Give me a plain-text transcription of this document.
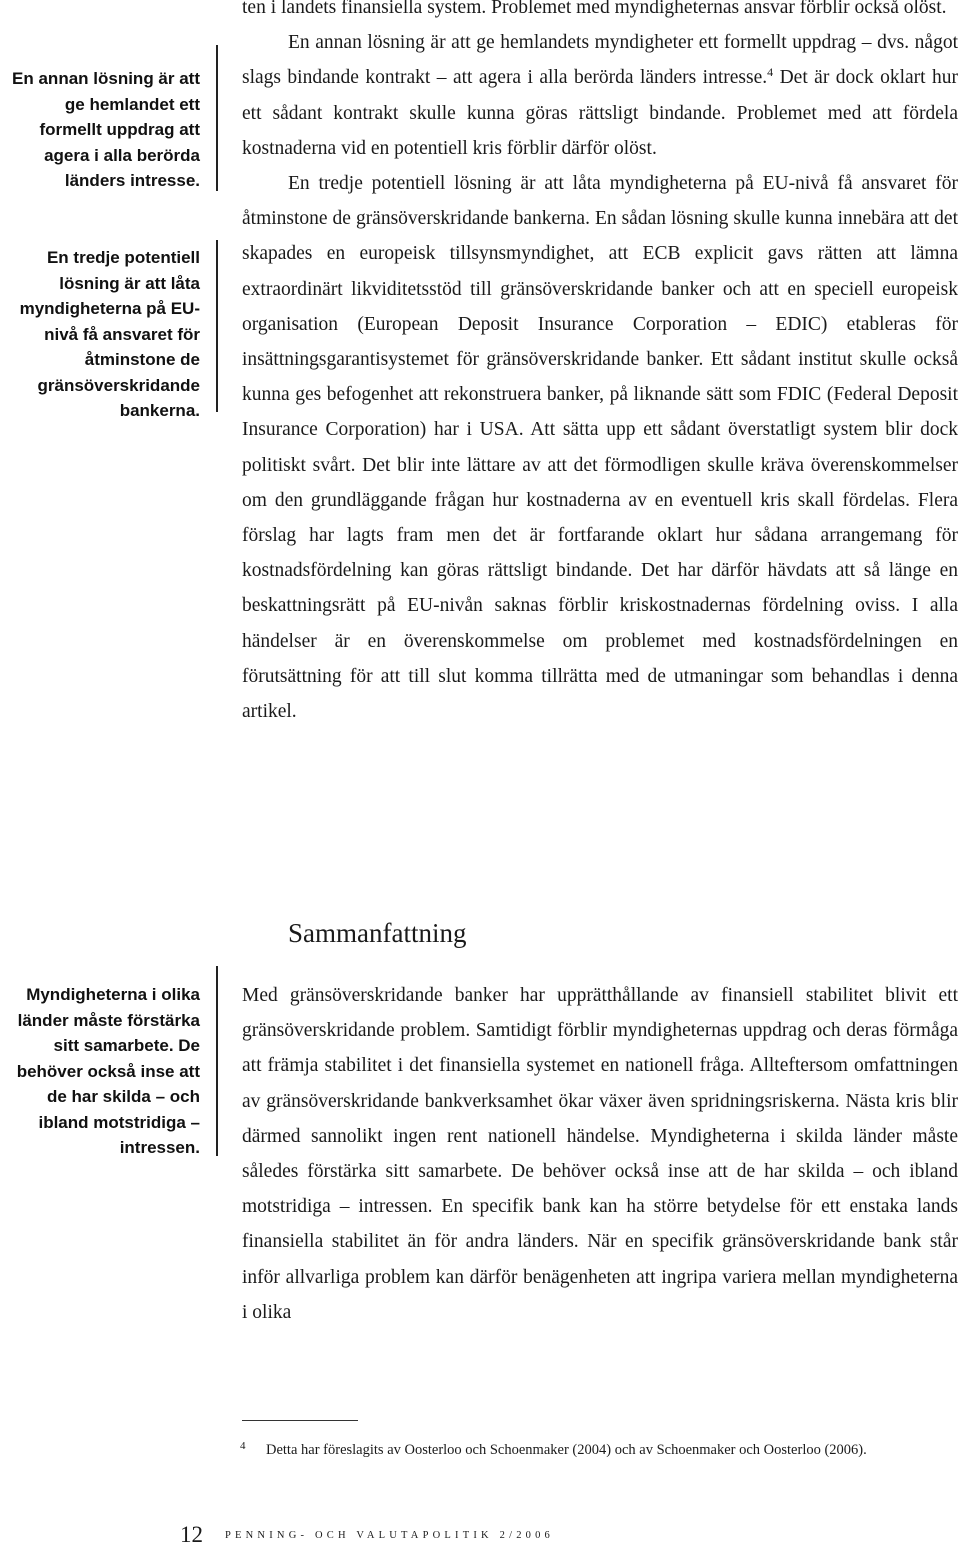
En annan lösning är att ge hemlandet ett formellt uppdrag att agera i alla berörda länders intresse.
En tredje potentiell lösning är att låta myndigheterna på EU-nivå få ansvaret för åtminstone de gränsöverskridande bankerna.
Myndigheterna i olika länder måste förstärka sitt samarbete. De behöver också inse att de har skilda – och ibland motstridiga – intressen.

ten i landets finansiella system. Problemet med myndigheternas ansvar förblir också olöst.

En annan lösning är att ge hemlandets myndigheter ett formellt uppdrag – dvs. något slags bindande kontrakt – att agera i alla berörda länders intresse.$^4$ Det är dock oklart hur ett sådant kontrakt skulle kunna göras rättsligt bindande. Problemet med att fördela kostnaderna vid en potentiell kris förblir därför olöst.

En tredje potentiell lösning är att låta myndigheterna på EU-nivå få ansvaret för åtminstone de gränsöverskridande bankerna. En sådan lösning skulle kunna innebära att det skapades en europeisk tillsynsmyndighet, att ECB explicit gavs rätten att lämna extraordinärt likviditetsstöd till gränsöverskridande banker och att en speciell europeisk organisation (European Deposit Insurance Corporation – EDIC) etableras för insättningsgarantisystemet för gränsöverskridande banker. Ett sådant institut skulle också kunna ges befogenhet att rekonstruera banker, på liknande sätt som FDIC (Federal Deposit Insurance Corporation) har i USA. Att sätta upp ett sådant överstatligt system blir dock politiskt svårt. Det blir inte lättare av att det förmodligen skulle kräva överenskommelser om den grundläggande frågan hur kostnaderna av en eventuell kris skall fördelas. Flera förslag har lagts fram men det är fortfarande oklart hur sådana arrangemang för kostnadsfördelning kan göras rättsligt bindande. Det har därför hävdats att så länge en beskattningsrätt på EU-nivån saknas förblir kriskostnadernas fördelning oviss. I alla händelser är en överenskommelse om problemet med kostnadsfördelningen en förutsättning för att till slut komma tillrätta med de utmaningar som behandlas i denna artikel.

Sammanfattning

Med gränsöverskridande banker har upprätthållande av finansiell stabilitet blivit ett gränsöverskridande problem. Samtidigt förblir myndigheternas uppdrag och deras förmåga att främja stabilitet i det finansiella systemet en nationell fråga. Allteftersom omfattningen av gränsöverskridande bankverksamhet ökar växer även spridningsriskerna. Nästa kris blir därmed sannolikt ingen rent nationell händelse. Myndigheterna i skilda länder måste således förstärka sitt samarbete. De behöver också inse att de har skilda – och ibland motstridiga – intressen. En specifik bank kan ha större betydelse för ett enstaka lands finansiella stabilitet än för andra länders. När en specifik gränsöverskridande bank står inför allvarliga problem kan därför benägenheten att ingripa variera mellan myndigheterna i olika

4 Detta har föreslagits av Oosterloo och Schoenmaker (2004) och av Schoenmaker och Oosterloo (2006).
12 PENNING- OCH VALUTAPOLITIK 2/2006
